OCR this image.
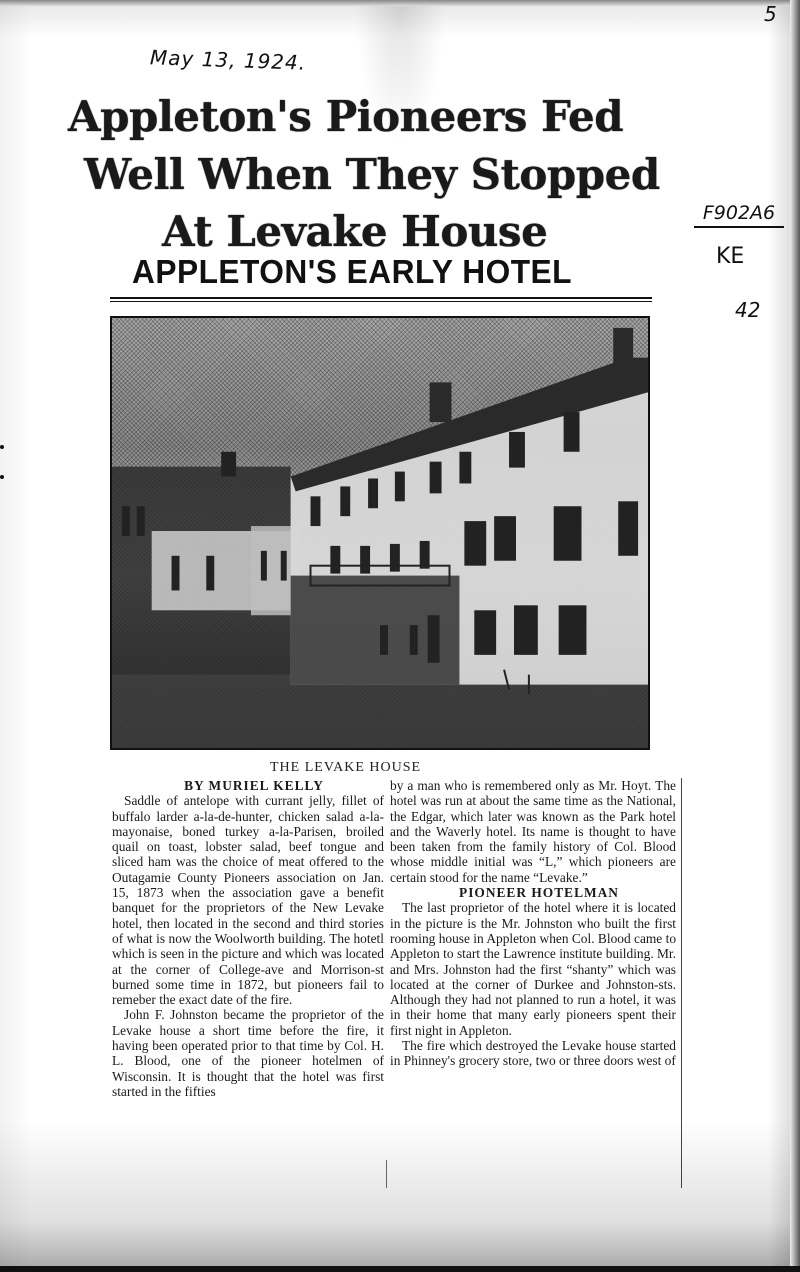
5
May 13, 1924.
F902A6
KE
42
Appleton's Pioneers Fed
Well When They Stopped
At Levake House
APPLETON'S EARLY HOTEL
THE LEVAKE HOUSE

BY MURIEL KELLY

Saddle of antelope with currant jelly, fillet of buffalo larder a-la-de-hunter, chicken salad a-la-mayonaise, boned turkey a-la-Parisen, broiled quail on toast, lobster salad, beef tongue and sliced ham was the choice of meat offered to the Outagamie County Pioneers association on Jan. 15, 1873 when the association gave a benefit banquet for the proprietors of the New Levake hotel, then located in the second and third stories of what is now the Woolworth building. The hotetl which is seen in the picture and which was located at the corner of College-ave and Morrison-st burned some time in 1872, but pioneers fail to remeber the exact date of the fire.

John F. Johnston became the proprietor of the Levake house a short time before the fire, it having been operated prior to that time by Col. H. L. Blood, one of the pioneer hotelmen of Wisconsin. It is thought that the hotel was first started in the fifties

by a man who is remembered only as Mr. Hoyt. The hotel was run at about the same time as the National, the Edgar, which later was known as the Park hotel and the Waverly hotel. Its name is thought to have been taken from the family history of Col. Blood whose middle initial was “L,” which pioneers are certain stood for the name “Levake.”

PIONEER HOTELMAN

The last proprietor of the hotel where it is located in the picture is the Mr. Johnston who built the first rooming house in Appleton when Col. Blood came to Appleton to start the Lawrence institute building. Mr. and Mrs. Johnston had the first “shanty” which was located at the corner of Durkee and Johnston-sts. Although they had not planned to run a hotel, it was in their home that many early pioneers spent their first night in Appleton.

The fire which destroyed the Levake house started in Phinney's grocery store, two or three doors west of
